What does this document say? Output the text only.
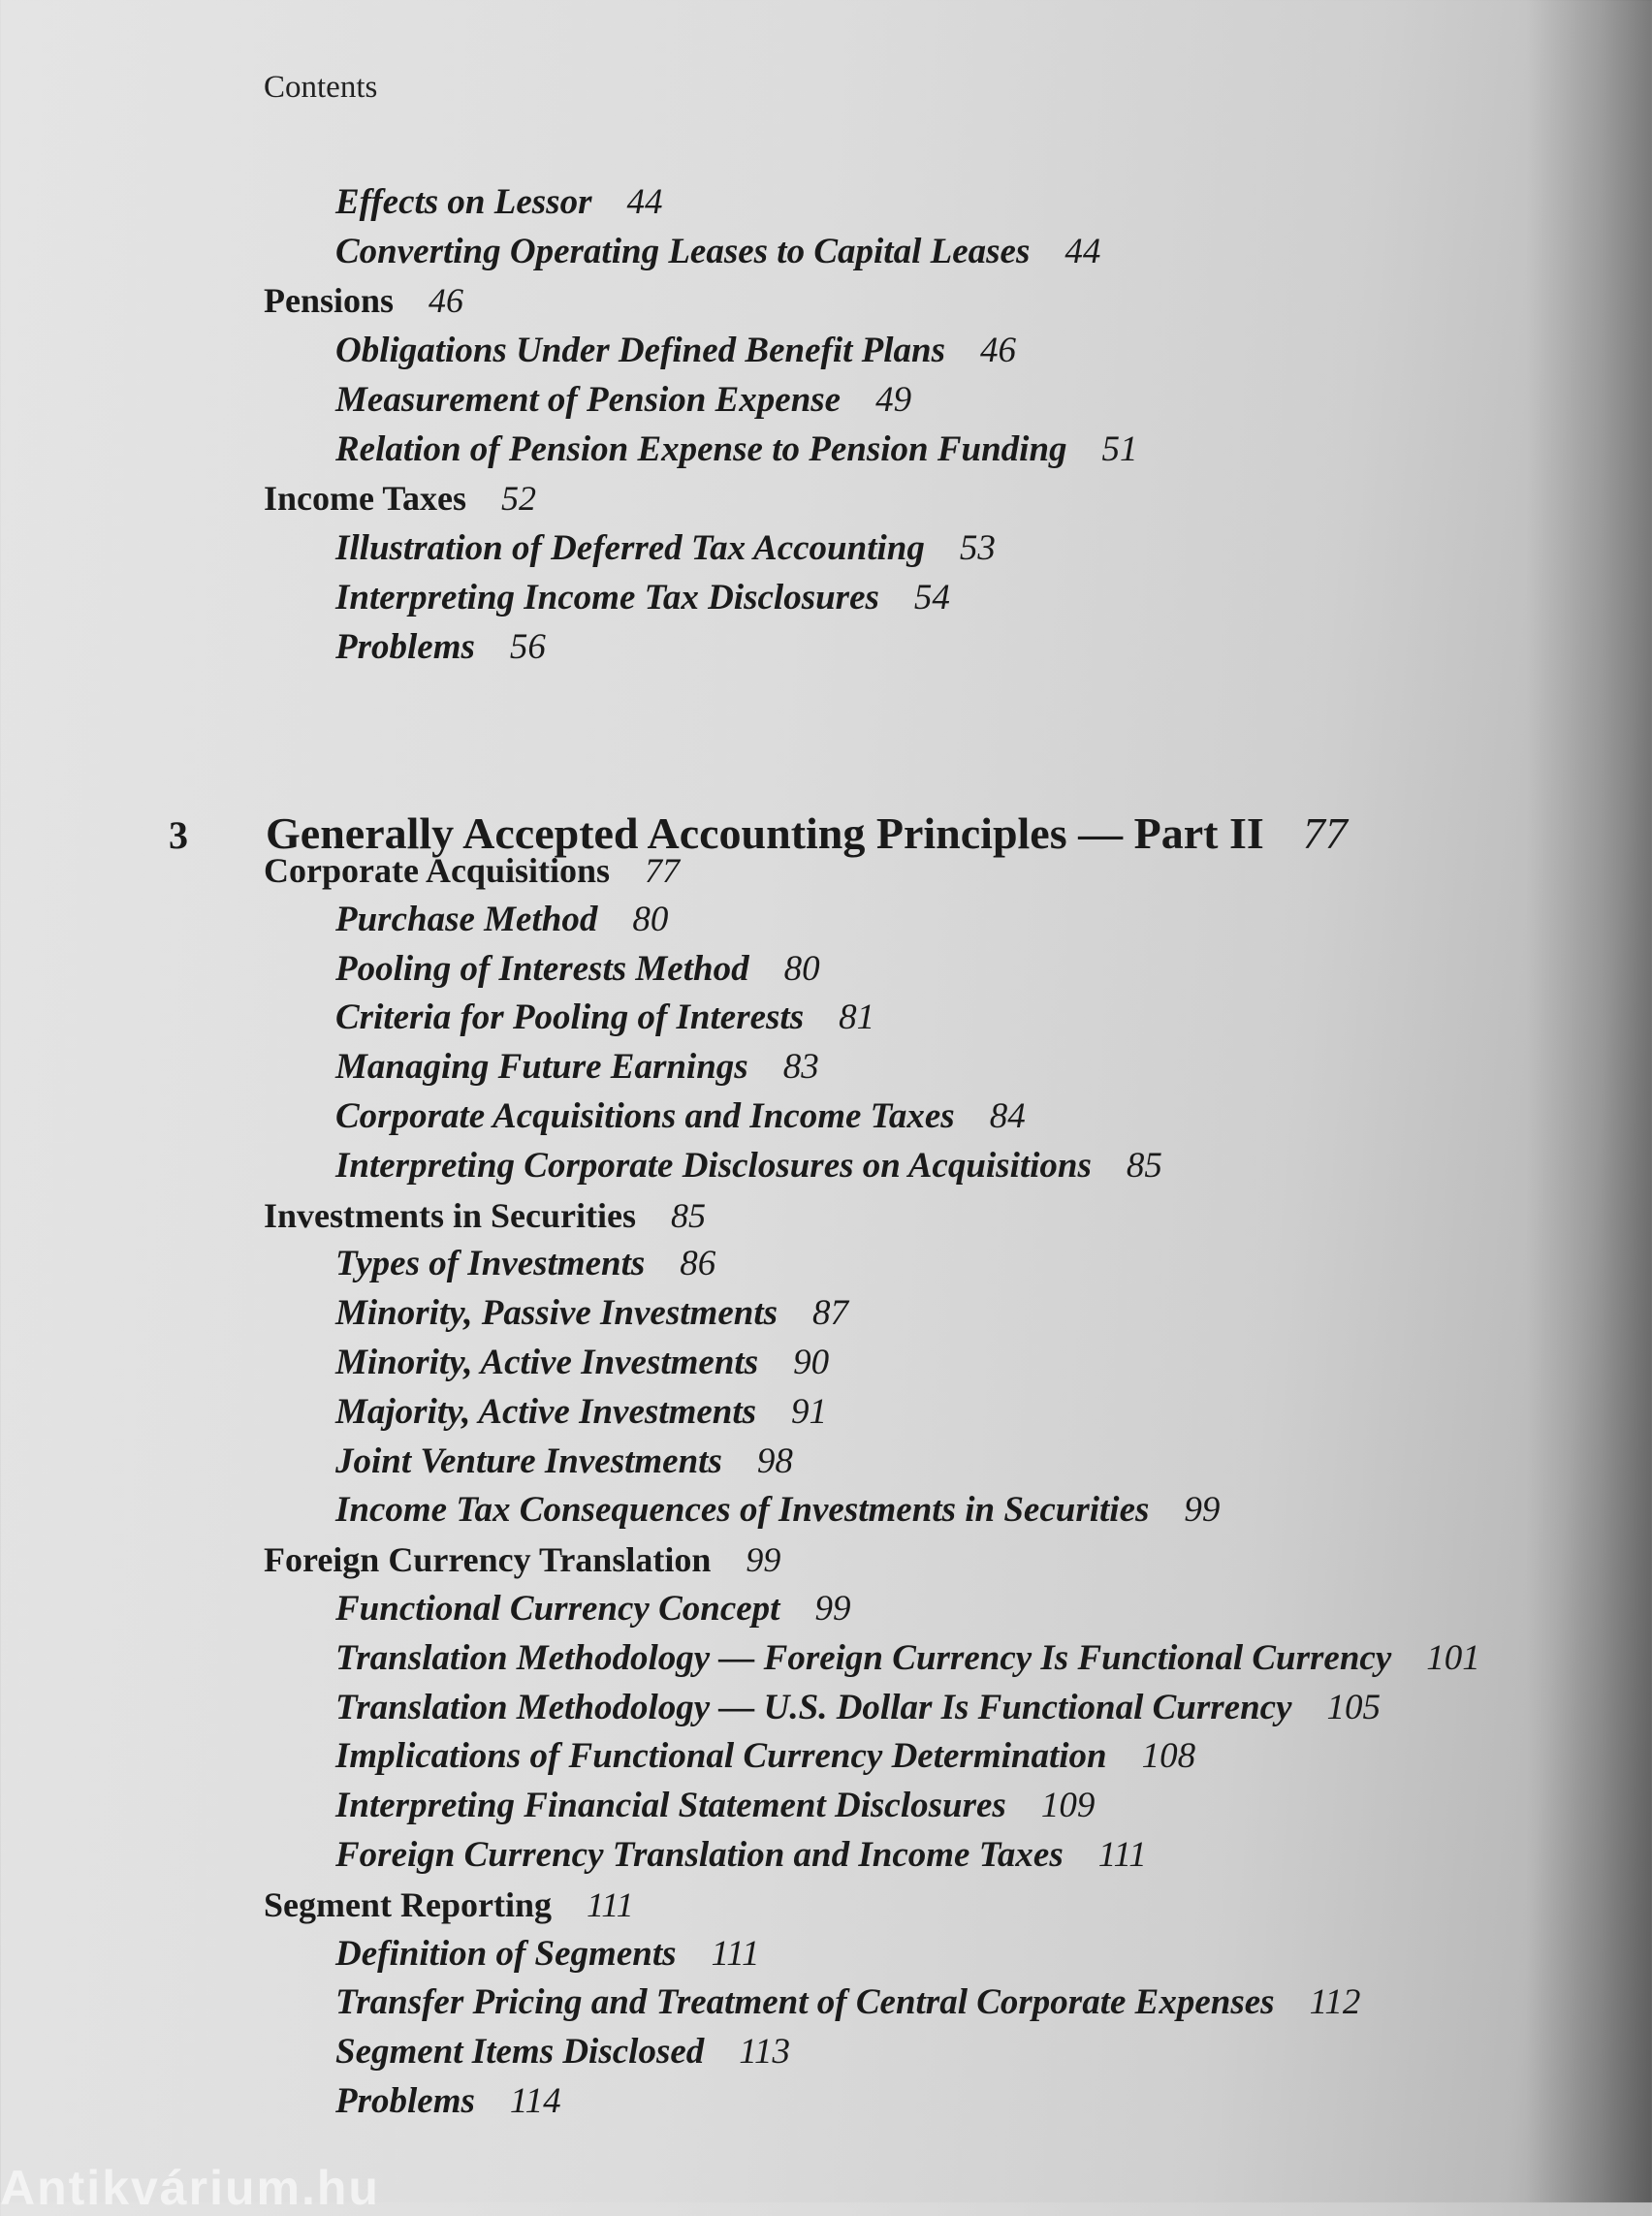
Contents
Effects on Lessor 44
Converting Operating Leases to Capital Leases 44
Pensions 46
Obligations Under Defined Benefit Plans 46
Measurement of Pension Expense 49
Relation of Pension Expense to Pension Funding 51
Income Taxes 52
Illustration of Deferred Tax Accounting 53
Interpreting Income Tax Disclosures 54
Problems 56
3 Generally Accepted Accounting Principles — Part II 77
Corporate Acquisitions 77
Purchase Method 80
Pooling of Interests Method 80
Criteria for Pooling of Interests 81
Managing Future Earnings 83
Corporate Acquisitions and Income Taxes 84
Interpreting Corporate Disclosures on Acquisitions 85
Investments in Securities 85
Types of Investments 86
Minority, Passive Investments 87
Minority, Active Investments 90
Majority, Active Investments 91
Joint Venture Investments 98
Income Tax Consequences of Investments in Securities 99
Foreign Currency Translation 99
Functional Currency Concept 99
Translation Methodology — Foreign Currency Is Functional Currency 101
Translation Methodology — U.S. Dollar Is Functional Currency 105
Implications of Functional Currency Determination 108
Interpreting Financial Statement Disclosures 109
Foreign Currency Translation and Income Taxes 111
Segment Reporting 111
Definition of Segments 111
Transfer Pricing and Treatment of Central Corporate Expenses 112
Segment Items Disclosed 113
Problems 114
Antikvárium.hu
